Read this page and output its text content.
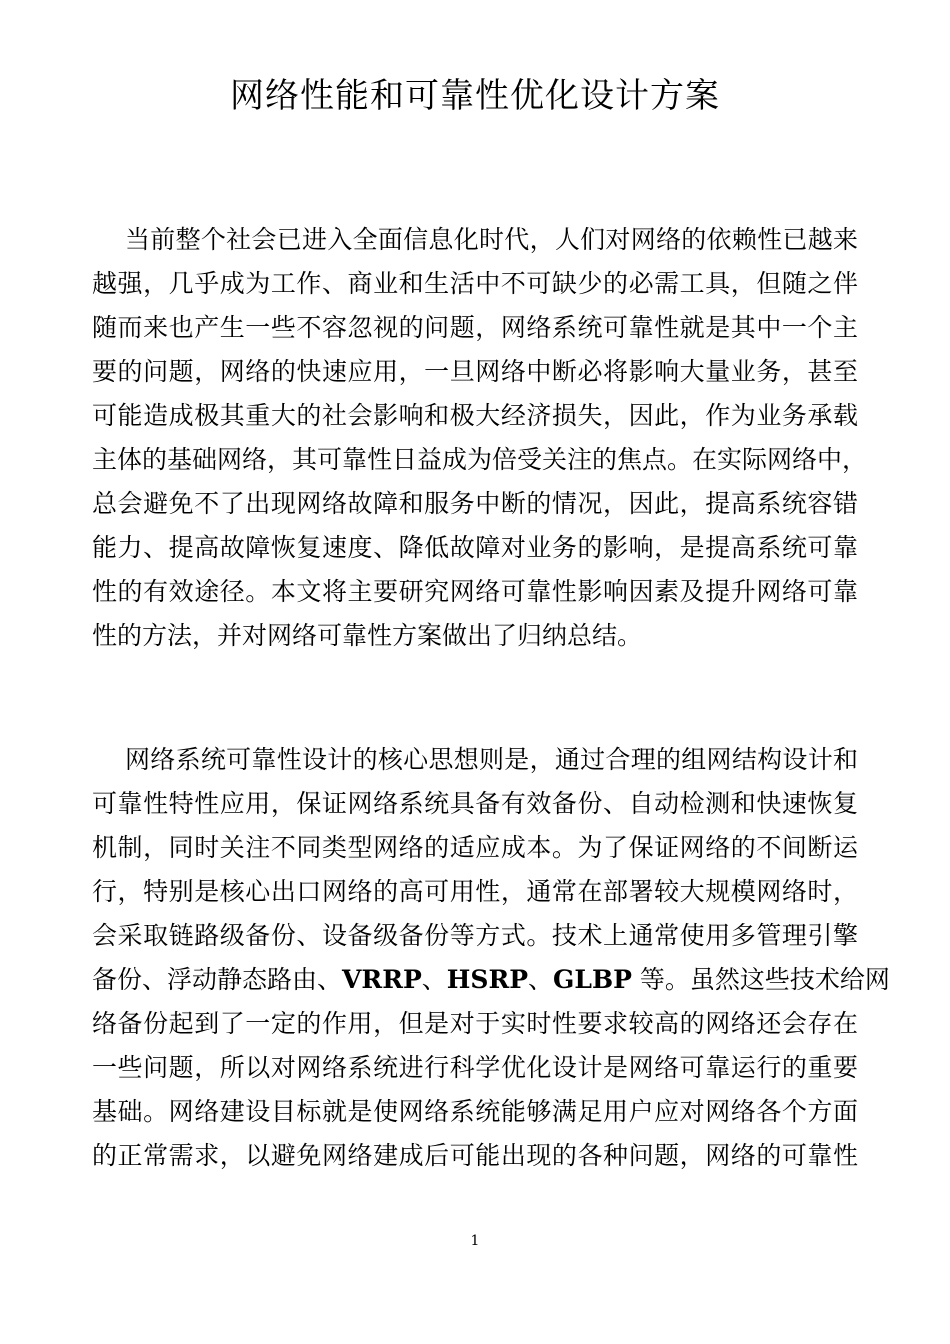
网络性能和可靠性优化设计方案
当前整个社会已进入全面信息化时代，人们对网络的依赖性已越来
越强，几乎成为工作、商业和生活中不可缺少的必需工具，但随之伴
随而来也产生一些不容忽视的问题，网络系统可靠性就是其中一个主
要的问题，网络的快速应用，一旦网络中断必将影响大量业务，甚至
可能造成极其重大的社会影响和极大经济损失，因此，作为业务承载
主体的基础网络，其可靠性日益成为倍受关注的焦点。在实际网络中，
总会避免不了出现网络故障和服务中断的情况，因此，提高系统容错
能力、提高故障恢复速度、降低故障对业务的影响，是提高系统可靠
性的有效途径。本文将主要研究网络可靠性影响因素及提升网络可靠
性的方法，并对网络可靠性方案做出了归纳总结。
网络系统可靠性设计的核心思想则是，通过合理的组网结构设计和
可靠性特性应用，保证网络系统具备有效备份、自动检测和快速恢复
机制，同时关注不同类型网络的适应成本。为了保证网络的不间断运
行，特别是核心出口网络的高可用性，通常在部署较大规模网络时，
会采取链路级备份、设备级备份等方式。技术上通常使用多管理引擎
备份、浮动静态路由、VRRP、HSRP、GLBP 等。虽然这些技术给网
络备份起到了一定的作用，但是对于实时性要求较高的网络还会存在
一些问题，所以对网络系统进行科学优化设计是网络可靠运行的重要
基础。网络建设目标就是使网络系统能够满足用户应对网络各个方面
的正常需求，以避免网络建成后可能出现的各种问题，网络的可靠性
1
